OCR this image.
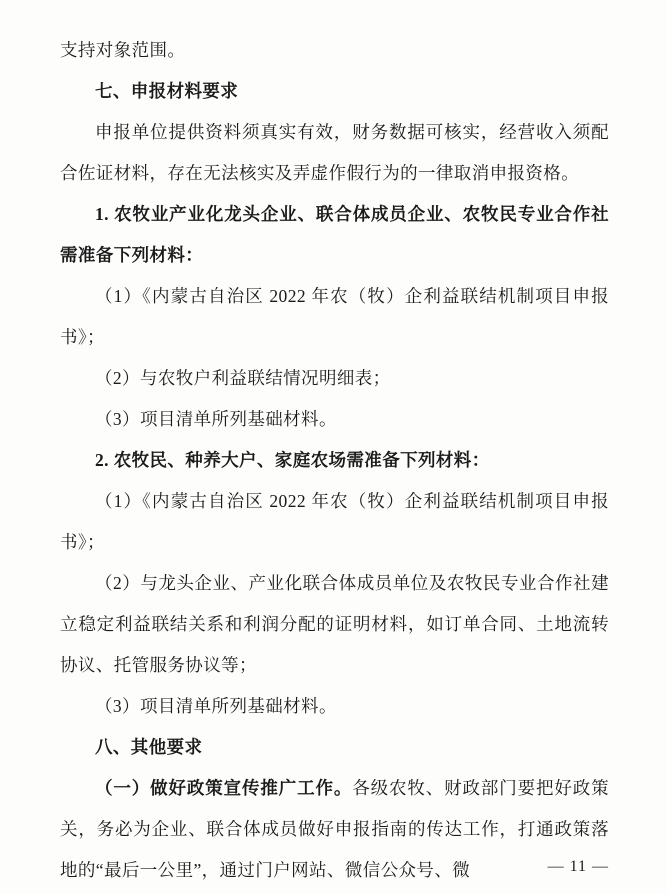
支持对象范围。

七、申报材料要求

申报单位提供资料须真实有效，财务数据可核实，经营收入须配合佐证材料，存在无法核实及弄虚作假行为的一律取消申报资格。

1. 农牧业产业化龙头企业、联合体成员企业、农牧民专业合作社需准备下列材料：

（1）《内蒙古自治区 2022 年农（牧）企利益联结机制项目申报书》；

（2）与农牧户利益联结情况明细表；

（3）项目清单所列基础材料。

2. 农牧民、种养大户、家庭农场需准备下列材料：

（1）《内蒙古自治区 2022 年农（牧）企利益联结机制项目申报书》；

（2）与龙头企业、产业化联合体成员单位及农牧民专业合作社建立稳定利益联结关系和利润分配的证明材料，如订单合同、土地流转协议、托管服务协议等；

（3）项目清单所列基础材料。

八、其他要求

（一）做好政策宣传推广工作。各级农牧、财政部门要把好政策关，务必为企业、联合体成员做好申报指南的传达工作，打通政策落地的“最后一公里”，通过门户网站、微信公众号、微	— 11 —
